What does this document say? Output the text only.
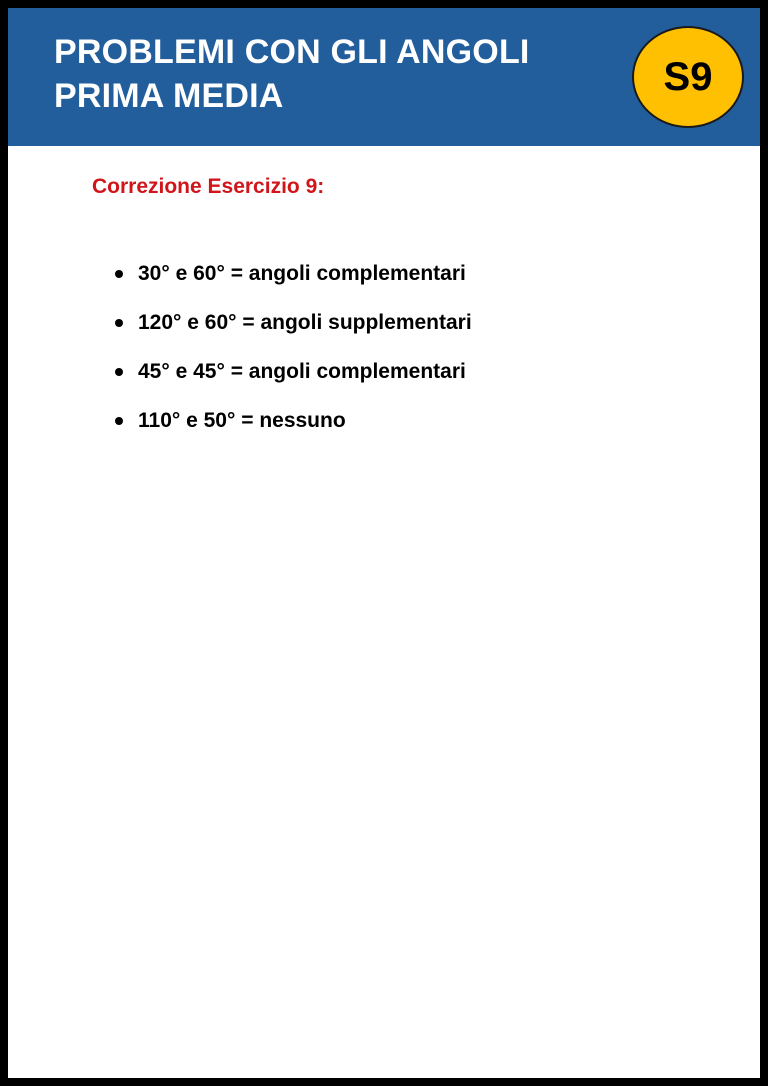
PROBLEMI CON GLI ANGOLI
PRIMA MEDIA	S9
Correzione Esercizio 9:
30° e 60° = angoli complementari
120° e 60° = angoli supplementari
45° e 45° = angoli complementari
110° e 50° = nessuno
